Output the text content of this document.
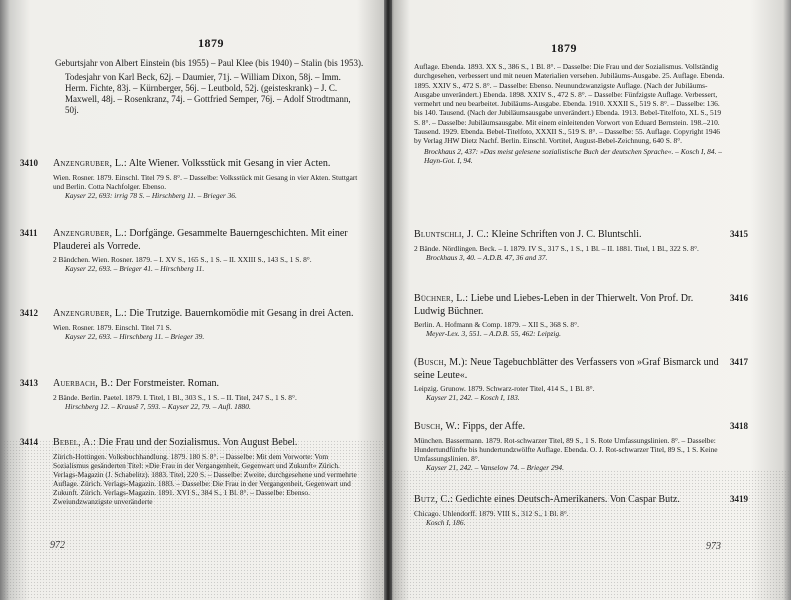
1879

Geburtsjahr von Albert Einstein (bis 1955) – Paul Klee (bis 1940) – Stalin (bis 1953).

Todesjahr von Karl Beck, 62j. – Daumier, 71j. – William Dixon, 58j. – Imm. Herm. Fichte, 83j. – Kürnberger, 56j. – Leutbold, 52j. (geisteskrank) – J. C. Maxwell, 48j. – Rosenkranz, 74j. – Gottfried Semper, 76j. – Adolf Strodtmann, 50j.

3410 Anzengruber, L.: Alte Wiener. Volksstück mit Gesang in vier Acten.
Wien. Rosner. 1879. Einschl. Titel 79 S. 8°. – Dasselbe: Volksstück mit Gesang in vier Akten. Stuttgart und Berlin. Cotta Nachfolger. Ebenso.
Kayser 22, 693: irrig 78 S. – Hirschberg 11. – Brieger 36.
3411 Anzengruber, L.: Dorfgänge. Gesammelte Bauerngeschichten. Mit einer Plauderei als Vorrede.
2 Bändchen. Wien. Rosner. 1879. – I. XV S., 165 S., 1 S. – II. XXIII S., 143 S., 1 S. 8°.
Kayser 22, 693. – Brieger 41. – Hirschberg 11.
3412 Anzengruber, L.: Die Trutzige. Bauernkomödie mit Gesang in drei Acten.
Wien. Rosner. 1879. Einschl. Titel 71 S.
Kayser 22, 693. – Hirschberg 11. – Brieger 39.
3413 Auerbach, B.: Der Forstmeister. Roman.
2 Bände. Berlin. Paetel. 1879. I. Titel, 1 Bl., 303 S., 1 S. – II. Titel, 247 S., 1 S. 8°.
Hirschberg 12. – Krausē 7, 593. – Kayser 22, 79. – Aufl. 1880.
3414 Bebel, A.: Die Frau und der Sozialismus. Von August Bebel.
Zürich-Hottingen. Volksbuchhandlung. 1879. 180 S. 8°. – Dasselbe: Mit dem Vorworte: Vom Sozialismus gesänderten Titel: »Die Frau in der Vergangenheit, Gegenwart und Zukunft« Zürich. Verlags-Magazin (J. Schabelitz). 1883. Titel, 220 S. – Dasselbe: Zweite, durchgesehene und vermehrte Auflage. Zürich. Verlags-Magazin. 1883. – Dasselbe: Die Frau in der Vergangenheit, Gegenwart und Zukunft. Zürich. Verlags-Magazin. 1891. XVI S., 384 S., 1 Bl. 8°. – Dasselbe: Ebenso. Zweiundzwanzigste unveränderte
972
1879
Auflage. Ebenda. 1893. XX S., 386 S., 1 Bl. 8°. – Dasselbe: Die Frau und der Sozialismus. Vollständig durchgesehen, verbessert und mit neuen Materialien versehen. Jubiläums-Ausgabe. 25. Auflage. Ebenda. 1895. XXIV S., 472 S. 8°. – Dasselbe: Ebenso. Neunundzwanzigste Auflage. (Nach der Jubiläums-Ausgabe unverändert.) Ebenda. 1898. XXIV S., 472 S. 8°. – Dasselbe: Fünfzigste Auflage. Verbessert, vermehrt und neu bearbeitet. Jubiläums-Ausgabe. Ebenda. 1910. XXXII S., 519 S. 8°. – Dasselbe: 136. bis 140. Tausend. (Nach der Jubiläumsausgabe unverändert.) Ebenda. 1913. Bebel-Titelfoto, XL S., 519 S. 8°. – Dasselbe: Jubiläumsausgabe. Mit einem einleitenden Vorwort von Eduard Bernstein. 198.–210. Tausend. 1929. Ebenda. Bebel-Titelfoto, XXXII S., 519 S. 8°. – Dasselbe: 55. Auflage. Copyright 1946 by Verlag JHW Dietz Nachf. Berlin. Einschl. Vortitel, August-Bebel-Zeichnung, 640 S. 8°.
Brockhaus 2, 437: »Das meist gelesene sozialistische Buch der deutschen Sprache«. – Kosch I, 84. – Hayn-Got. I, 94.
3415
Bluntschli, J. C.: Kleine Schriften von J. C. Bluntschli.
2 Bände. Nördlingen. Beck. – I. 1879. IV S., 317 S., 1 S., 1 Bl. – II. 1881. Titel, 1 Bl., 322 S. 8°.
Brockhaus 3, 40. – A.D.B. 47, 36 and 37.
3416
Büchner, L.: Liebe und Liebes-Leben in der Thierwelt. Von Prof. Dr. Ludwig Büchner.
Berlin. A. Hofmann & Comp. 1879. – XII S., 368 S. 8°.
Meyer-Lex. 3, 551. – A.D.B. 55, 462: Leipzig.
3417
(Busch, M.): Neue Tagebuchblätter des Verfassers von »Graf Bismarck und seine Leute«.
Leipzig. Grunow. 1879. Schwarz-roter Titel, 414 S., 1 Bl. 8°.
Kayser 21, 242. – Kosch I, 183.
3418
Busch, W.: Fipps, der Affe.
München. Bassermann. 1879. Rot-schwarzer Titel, 89 S., 1 S. Rote Umfassungslinien. 8°. – Dasselbe: Hundertundfünfte bis hundertundzwölfte Auflage. Ebenda. O. J. Rot-schwarzer Titel, 89 S., 1 S. Keine Umfassungslinien. 8°.
Kayser 21, 242. – Vanselow 74. – Brieger 294.
3419
Butz, C.: Gedichte eines Deutsch-Amerikaners. Von Caspar Butz.
Chicago. Uhlendorff. 1879. VIII S., 312 S., 1 Bl. 8°.
Kosch I, 186.
973
